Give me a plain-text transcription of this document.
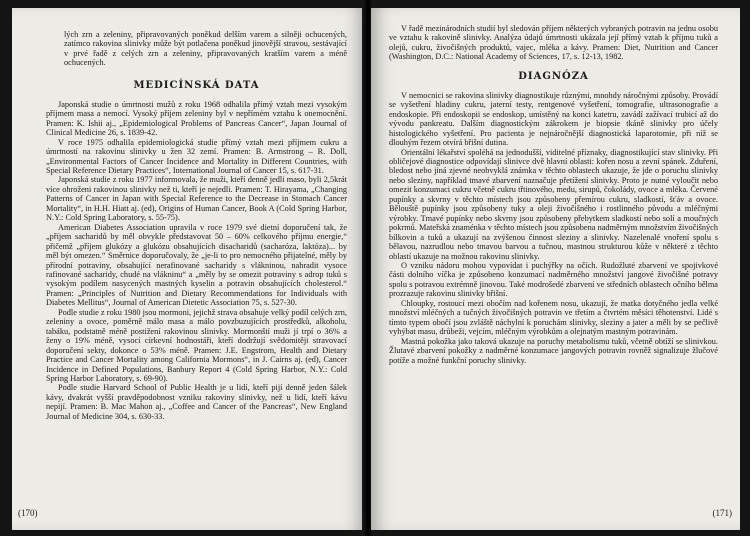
lých zrn a zeleniny, připravovaných poněkud delším varem a silněji ochucených, zatímco rakovina slinivky může být potlačena poněkud jinovější stravou, sestávající v prvé řadě z celých zrn a zeleniny, připravovaných kratším varem a méně ochucených.

MEDICÍNSKÁ DATA

Japonská studie o úmrtnosti mužů z roku 1968 odhalila přímý vztah mezi vysokým příjmem masa a nemocí. Vysoký příjem zeleniny byl v nepřímém vztahu k onemocnění. Pramen: K. Ishii aj., „Epidemiological Problems of Pancreas Cancer“, Japan Journal of Clinical Medicine 26, s. 1839-42.

V roce 1975 odhalila epidemiologická studie přímý vztah mezi příjmem cukru a úmrtností na rakovinu slinivky u žen 32 zemí. Pramen: B. Armstrong – R. Doll, „Environmental Factors of Cancer Incidence and Mortality in Different Countries, with Special Reference Dietary Practices“, International Journal of Cancer 15, s. 617-31.

Japonská studie z roku 1977 informovala, že muži, kteří denně jedli maso, byli 2,5krát více ohroženi rakovinou slinivky než ti, kteří je nejedli. Pramen: T. Hirayama, „Changing Patterns of Cancer in Japan with Special Reference to the Decrease in Stomach Cancer Mortality“, in H.H. Hiatt aj. (ed), Origins of Human Cancer, Book A (Cold Spring Harbor, N.Y.: Cold Spring Laboratory, s. 55-75).

American Diabetes Association upravila v roce 1979 své dietní doporučení tak, že „příjem sacharidů by měl obvykle představovat 50 – 60% celkového příjmu energie,“ přičemž „příjem glukózy a glukózu obsahujících disacharidů (sacharóza, laktóza)... by měl být omezen.“ Směrnice doporučovaly, že „je-li to pro nemocného přijatelné, měly by přírodní potraviny, obsahující nerafinované sacharidy s vlákninou, nahradit vysoce rafinované sacharidy, chudé na vlákninu“ a „měly by se omezit potraviny s adrop tuků s vysokým podílem nasycených mastných kyselin a potravin obsahujících cholesterol.“ Pramen: „Principles of Nutrition and Dietary Recommendations for Individuals with Diabetes Mellitus“, Journal of American Dietetic Association 75, s. 527-30.

Podle studie z roku 1980 jsou mormoni, jejichž strava obsahuje velký podíl celých zrn, zeleniny a ovoce, poměrně málo masa a málo povzbuzujících prostředků, alkoholu, tabáku, podstatně méně postižení rakovinou slinivky. Mormonští muži jí trpí o 36% a ženy o 19% méně, vysocí církevní hodnostáři, kteří dodržují svědomitěji stravovací doporučení sekty, dokonce o 53% méně. Pramen: J.E. Engstrom, Health and Dietary Practice and Cancer Mortality among California Mormons“, in J. Cairns aj. (ed), Cancer Incidence in Defined Populations, Banbury Report 4 (Cold Spring Harbor, N.Y.: Cold Spring Harbor Laboratory, s. 69-90).

Podle studie Harvard School of Public Health je u lidí, kteří pijí denně jeden šálek kávy, dvakrát vyšší pravděpodobnost vzniku rakoviny slinivky, než u lidí, kteří kávu nepijí. Pramen: B. Mac Mahon aj., „Coffee and Cancer of the Pancreas“, New England Journal of Medicine 304, s. 630-33.

(170)

V řadě mezinárodních studií byl sledován příjem některých vybraných potravin na jednu osobu ve vztahu k rakovině slinivky. Analýza údajů úmrtnosti ukázala její přímý vztah k příjmu tuků a olejů, cukru, živočišných produktů, vajec, mléka a kávy. Pramen: Diet, Nutrition and Cancer (Washington, D.C.: National Academy of Sciences, 17, s. 12-13, 1982.

DIAGNÓZA

V nemocnici se rakovina slinivky diagnostikuje různými, mnohdy náročnými způsoby. Provádí se vyšetření hladiny cukru, jaterní testy, rentgenové vyšetření, tomografie, ultrasonografie a endoskopie. Při endoskopii se endoskop, umístěný na konci katetru, zavádí zažívací trubicí až do vývodu pankreatu. Dalším diagnostickým zákrokem je biopsie tkáně slinivky pro účely histologického vyšetření. Pro pacienta je nejnáročnější diagnostická laparotomie, při níž se dlouhým řezem otvírá břišní dutina.

Orientální lékařství spoléhá na jednodušší, viditelné příznaky, diagnostikující stav slinivky. Při obličejové diagnostice odpovídají slinivce dvě hlavní oblasti: kořen nosu a zevní spánek. Zduření, bledost nebo jiná zjevné neobvyklá známka v těchto oblastech ukazuje, že jde o poruchu slinivky nebo sleziny, například tmavé zbarvení naznačuje přetížení slinivky. Proto je nutné vyloučit nebo omezit konzumaci cukru včetně cukru třtinového, medu, sirupů, čokolády, ovoce a mléka. Červené pupínky a skvrny v těchto místech jsou způsobeny přemírou cukru, sladkostí, šťáv a ovoce. Bělouště pupínky jsou způsobeny tuky a oleji živočišného i rostlinného původu a mléčnými výrobky. Tmavé pupínky nebo skvrny jsou způsobeny přebytkem sladkostí nebo solí a moučných pokrmů. Mateřská znaménka v těchto místech jsou způsobena nadměrným množstvím živočišných bílkovin a tuků a ukazují na zvýšenou činnost sleziny a slinivky. Nazelenalé vnoření spolu s bělavou, nazrudlou nebo tmavou barvou a tučnou, mastnou strukturou kůže v některé z těchto oblastí ukazuje na možnou rakovinu slinivky.

O vzniku nádoru mohou vypovídat i puchýřky na očích. Rudožluté zbarvení ve spojivkové části dolního víčka je způsobeno konzumací nadměrného množství jangové živočišné potravy spolu s potravou extrémně jinovou. Také modrošedé zbarvení ve středních oblastech očního bělma prozrazuje rakovinu slinivky břišní.

Chloupky, rostoucí mezi obočím nad kořenem nosu, ukazují, že matka dotyčného jedla velké množství mléčných a tučných živočišných potravin ve třetím a čtvrtém měsíci těhotenství. Lidé s tímto typem obočí jsou zvláště náchylní k poruchám slinivky, sleziny a jater a měli by se pečlivě vyhýbat masu, drůbeži, vejcím, mléčným výrobkům a olejnatým mastným potravinám.

Mastná pokožka jako taková ukazuje na poruchy metabolismu tuků, včetně obtíží se slinivkou. Žlutavé zbarvení pokožky z nadměrné konzumace jangových potravin rovněž signalizuje žlučové potíže a možné funkční poruchy slinivky.

(171)
